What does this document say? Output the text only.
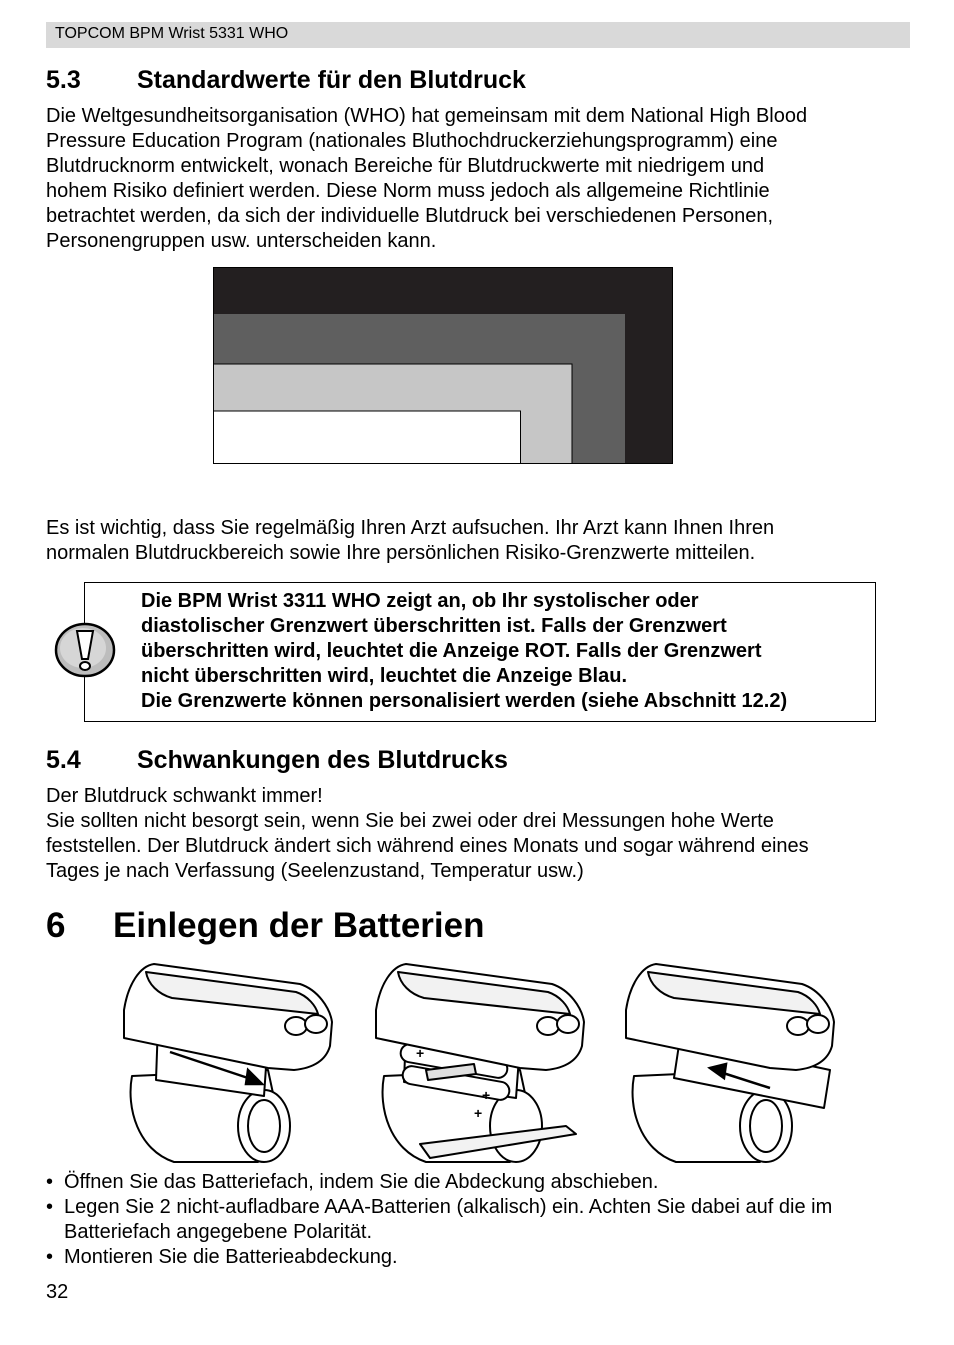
TOPCOM BPM Wrist 5331 WHO
5.3 Standardwerte für den Blutdruck

Die Weltgesundheitsorganisation (WHO) hat gemeinsam mit dem National High Blood

Pressure Education Program (nationales Bluthochdruckerziehungsprogramm) eine

Blutdrucknorm entwickelt, wonach Bereiche für Blutdruckwerte mit niedrigem und

hohem Risiko definiert werden. Diese Norm muss jedoch als allgemeine Richtlinie

betrachtet werden, da sich der individuelle Blutdruck bei verschiedenen Personen,

Personengruppen usw. unterscheiden kann.

Es ist wichtig, dass Sie regelmäßig Ihren Arzt aufsuchen. Ihr Arzt kann Ihnen Ihren

normalen Blutdruckbereich sowie Ihre persönlichen Risiko-Grenzwerte mitteilen.

Die BPM Wrist 3311 WHO zeigt an, ob Ihr systolischer oder

diastolischer Grenzwert überschritten ist. Falls der Grenzwert

überschritten wird, leuchtet die Anzeige ROT. Falls der Grenzwert

nicht überschritten wird, leuchtet die Anzeige Blau.

Die Grenzwerte können personalisiert werden (siehe Abschnitt 12.2)

5.4 Schwankungen des Blutdrucks

Der Blutdruck schwankt immer!

Sie sollten nicht besorgt sein, wenn Sie bei zwei oder drei Messungen hohe Werte

feststellen. Der Blutdruck ändert sich während eines Monats und sogar während eines

Tages je nach Verfassung (Seelenzustand, Temperatur usw.)

6 Einlegen der Batterien
+
+
+
• Öffnen Sie das Batteriefach, indem Sie die Abdeckung abschieben.
• Legen Sie 2 nicht-aufladbare AAA-Batterien (alkalisch) ein. Achten Sie dabei auf die im Batteriefach angegebene Polarität.
• Montieren Sie die Batterieabdeckung.
32
